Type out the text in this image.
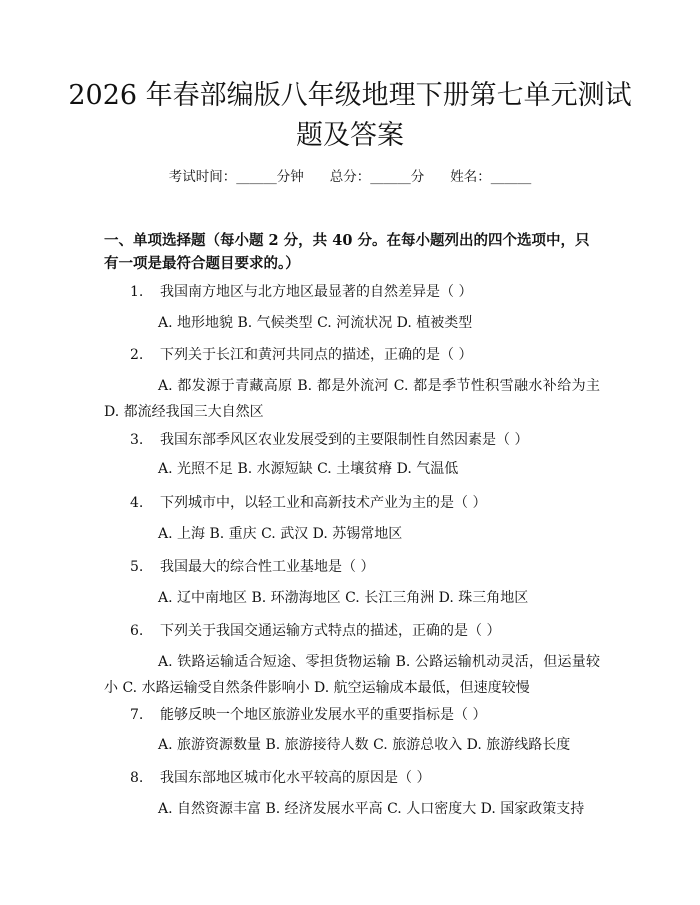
2026 年春部编版八年级地理下册第七单元测试题及答案
考试时间：______分钟 总分：______分 姓名：______

一、单项选择题（每小题 2 分，共 40 分。在每小题列出的四个选项中，只有一项是最符合题目要求的。）

1. 我国南方地区与北方地区最显著的自然差异是（ ）

A. 地形地貌 B. 气候类型 C. 河流状况 D. 植被类型

2. 下列关于长江和黄河共同点的描述，正确的是（ ）

A. 都发源于青藏高原 B. 都是外流河 C. 都是季节性积雪融水补给为主 D. 都流经我国三大自然区

3. 我国东部季风区农业发展受到的主要限制性自然因素是（ ）

A. 光照不足 B. 水源短缺 C. 土壤贫瘠 D. 气温低

4. 下列城市中，以轻工业和高新技术产业为主的是（ ）

A. 上海 B. 重庆 C. 武汉 D. 苏锡常地区

5. 我国最大的综合性工业基地是（ ）

A. 辽中南地区 B. 环渤海地区 C. 长江三角洲 D. 珠三角地区

6. 下列关于我国交通运输方式特点的描述，正确的是（ ）

A. 铁路运输适合短途、零担货物运输 B. 公路运输机动灵活，但运量较小 C. 水路运输受自然条件影响小 D. 航空运输成本最低，但速度较慢

7. 能够反映一个地区旅游业发展水平的重要指标是（ ）

A. 旅游资源数量 B. 旅游接待人数 C. 旅游总收入 D. 旅游线路长度

8. 我国东部地区城市化水平较高的原因是（ ）

A. 自然资源丰富 B. 经济发展水平高 C. 人口密度大 D. 国家政策支持
